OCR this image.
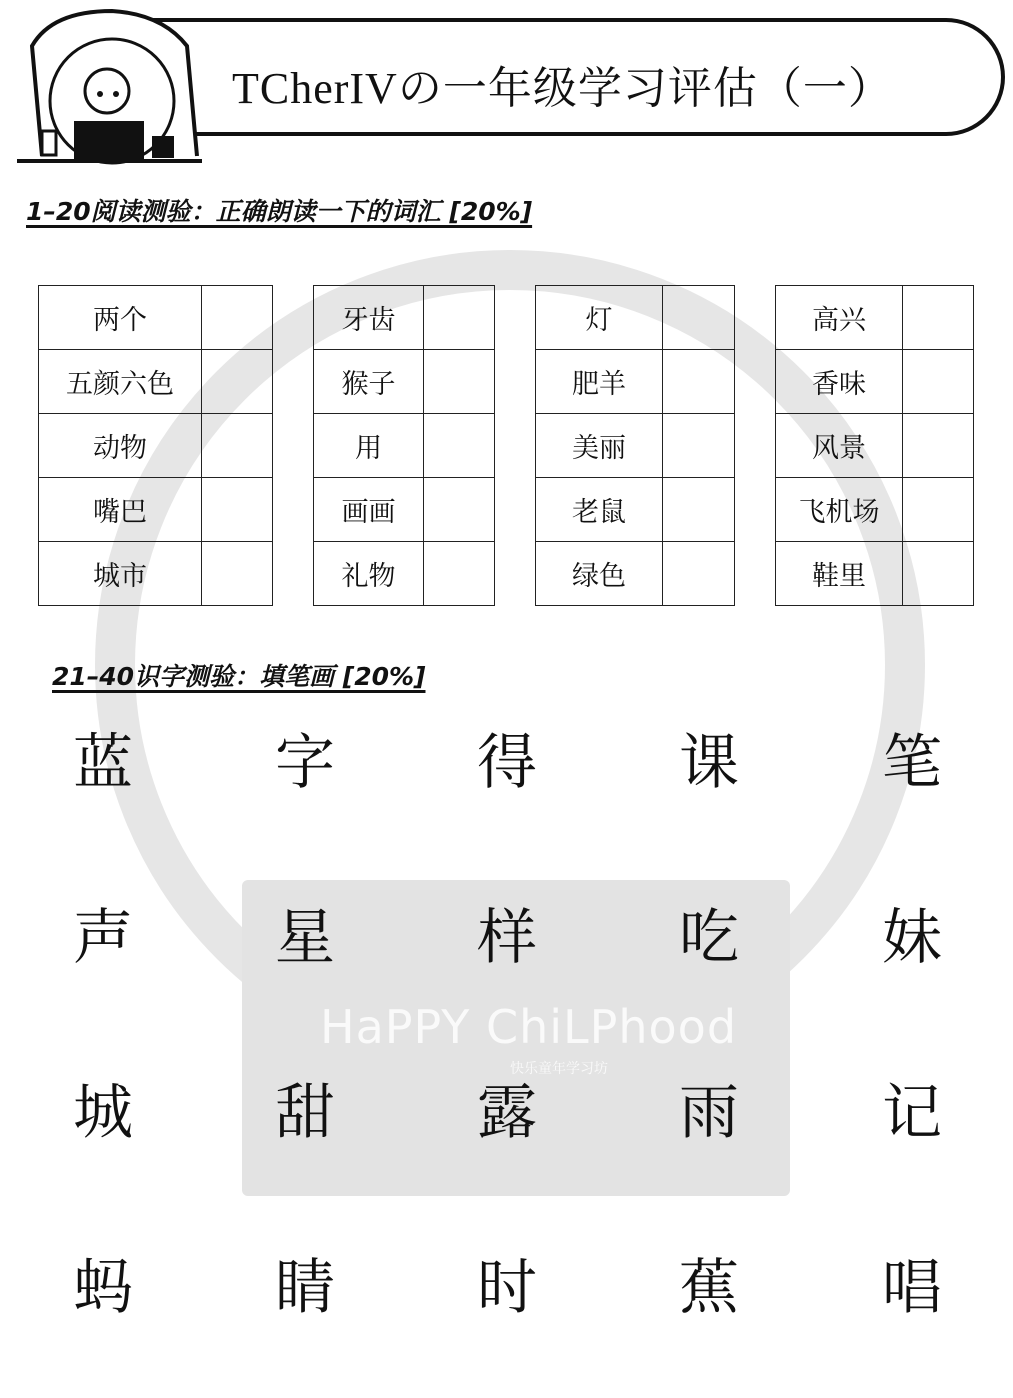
HaPPY ChiLPhood
快乐童年学习坊
TCherIVの一年级学习评估（一）
1–20阅读测验：正确朗读一下的词汇 [20%]
两个	
五颜六色	
动物	
嘴巴	
城市	
牙齿	
猴子	
用	
画画	
礼物	
灯	
肥羊	
美丽	
老鼠	
绿色	
高兴	
香味	
风景	
飞机场	
鞋里	
21–40识字测验：填笔画 [20%]
蓝	字	得	课	笔
声	星	样	吃	妹
城	甜	露	雨	记
蚂	睛	时	蕉	唱
